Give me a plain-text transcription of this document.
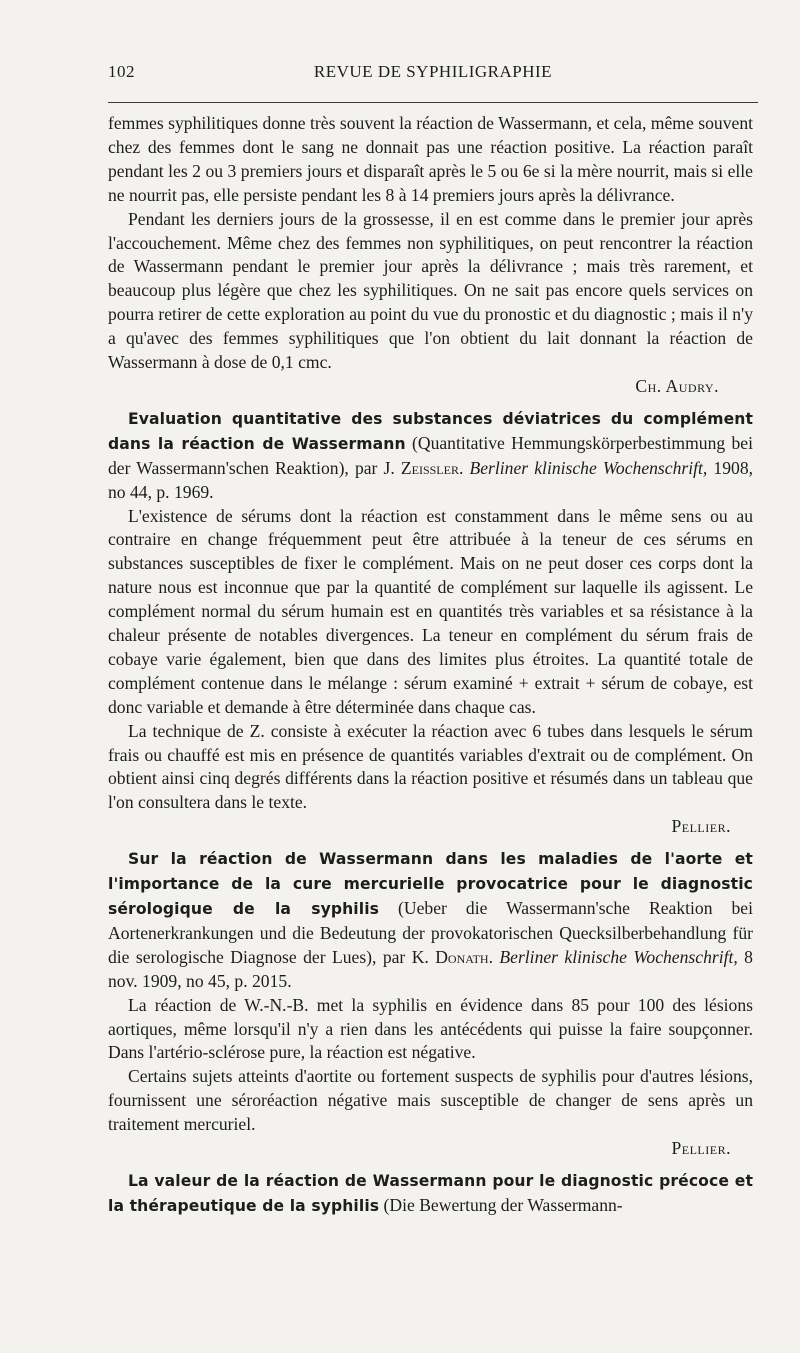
102	REVUE DE SYPHILIGRAPHIE

femmes syphilitiques donne très souvent la réaction de Wassermann, et cela, même souvent chez des femmes dont le sang ne donnait pas une réaction positive. La réaction paraît pendant les 2 ou 3 premiers jours et disparaît après le 5 ou 6e si la mère nourrit, mais si elle ne nourrit pas, elle persiste pendant les 8 à 14 premiers jours après la délivrance.

Pendant les derniers jours de la grossesse, il en est comme dans le premier jour après l'accouchement. Même chez des femmes non syphilitiques, on peut rencontrer la réaction de Wassermann pendant le premier jour après la délivrance ; mais très rarement, et beaucoup plus légère que chez les syphilitiques. On ne sait pas encore quels services on pourra retirer de cette exploration au point du vue du pronostic et du diagnostic ; mais il n'y a qu'avec des femmes syphilitiques que l'on obtient du lait donnant la réaction de Wassermann à dose de 0,1 cmc.

Ch. Audry.

Evaluation quantitative des substances déviatrices du complément dans la réaction de Wassermann (Quantitative Hemmungskörperbestimmung bei der Wassermann'schen Reaktion), par J. Zeissler. Berliner klinische Wochenschrift, 1908, no 44, p. 1969.

L'existence de sérums dont la réaction est constamment dans le même sens ou au contraire en change fréquemment peut être attribuée à la teneur de ces sérums en substances susceptibles de fixer le complément. Mais on ne peut doser ces corps dont la nature nous est inconnue que par la quantité de complément sur laquelle ils agissent. Le complément normal du sérum humain est en quantités très variables et sa résistance à la chaleur présente de notables divergences. La teneur en complément du sérum frais de cobaye varie également, bien que dans des limites plus étroites. La quantité totale de complément contenue dans le mélange : sérum examiné + extrait + sérum de cobaye, est donc variable et demande à être déterminée dans chaque cas.

La technique de Z. consiste à exécuter la réaction avec 6 tubes dans lesquels le sérum frais ou chauffé est mis en présence de quantités variables d'extrait ou de complément. On obtient ainsi cinq degrés différents dans la réaction positive et résumés dans un tableau que l'on consultera dans le texte.

Pellier.

Sur la réaction de Wassermann dans les maladies de l'aorte et l'importance de la cure mercurielle provocatrice pour le diagnostic sérologique de la syphilis (Ueber die Wassermann'sche Reaktion bei Aortenerkrankungen und die Bedeutung der provokatorischen Quecksilberbehandlung für die serologische Diagnose der Lues), par K. Donath. Berliner klinische Wochenschrift, 8 nov. 1909, no 45, p. 2015.

La réaction de W.-N.-B. met la syphilis en évidence dans 85 pour 100 des lésions aortiques, même lorsqu'il n'y a rien dans les antécédents qui puisse la faire soupçonner. Dans l'artério-sclérose pure, la réaction est négative.

Certains sujets atteints d'aortite ou fortement suspects de syphilis pour d'autres lésions, fournissent une séroréaction négative mais susceptible de changer de sens après un traitement mercuriel.

Pellier.

La valeur de la réaction de Wassermann pour le diagnostic précoce et la thérapeutique de la syphilis (Die Bewertung der Wassermann-
